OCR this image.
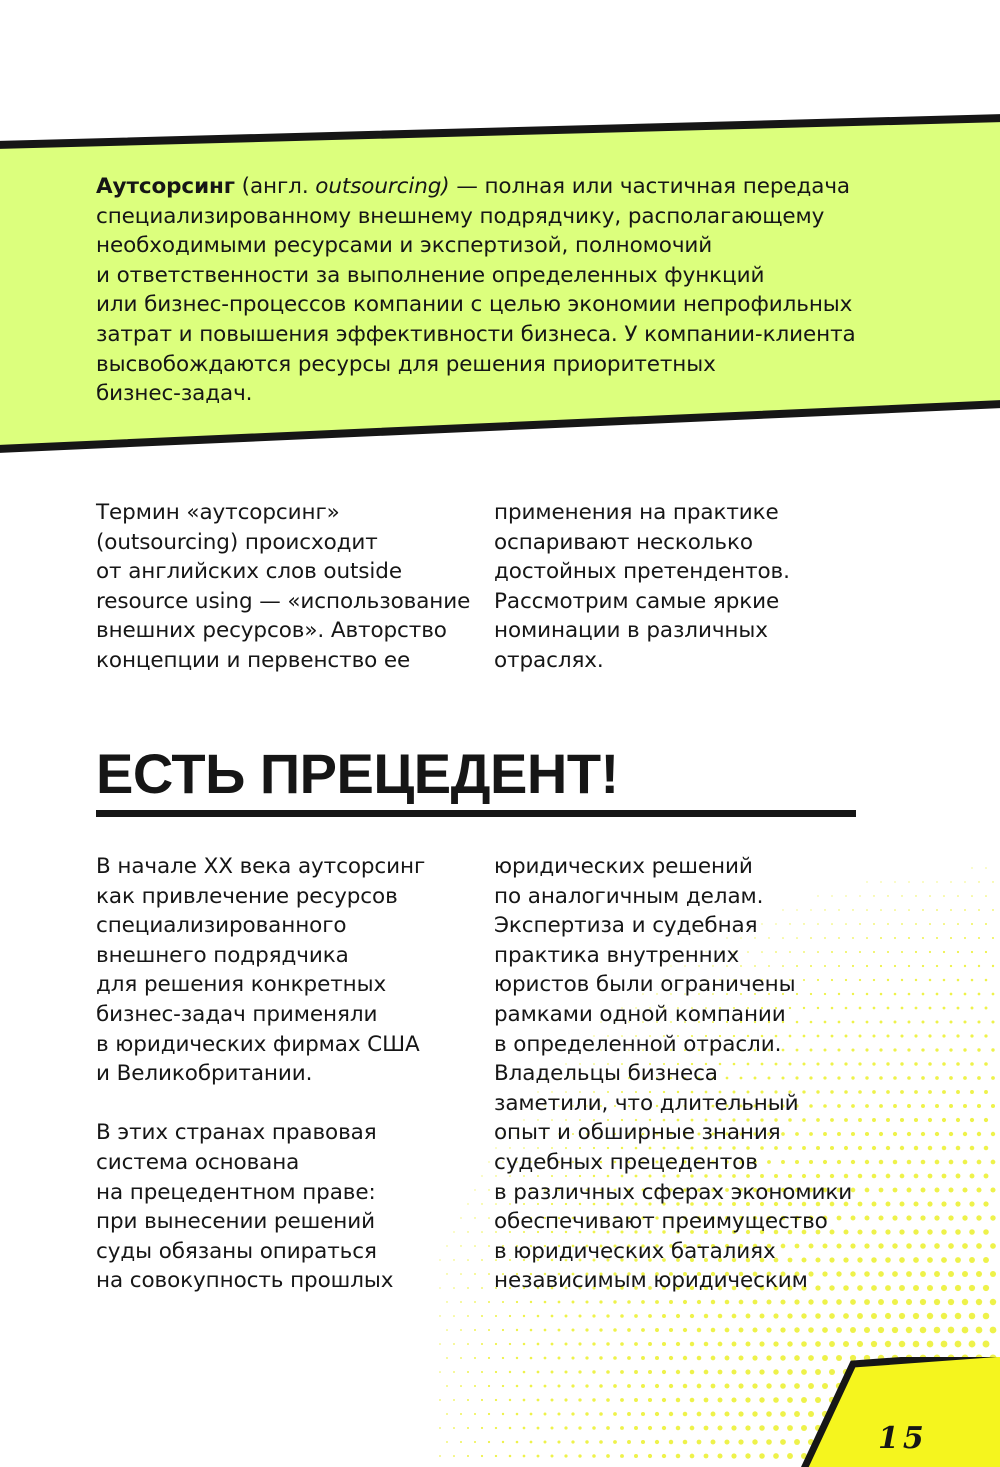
Аутсорсинг (англ. outsourcing) — полная или частичная передача

специализированному внешнему подрядчику, располагающему

необходимыми ресурсами и экспертизой, полномочий

и ответственности за выполнение определенных функций

или бизнес-процессов компании с целью экономии непрофильных

затрат и повышения эффективности бизнеса. У компании-клиента

высвобождаются ресурсы для решения приоритетных

бизнес-задач.

Термин «аутсорсинг»
(outsourcing) происходит
от английских слов outside
resource using — «использование
внешних ресурсов». Авторство
концепции и первенство ее

применения на практике
оспаривают несколько
достойных претендентов.
Рассмотрим самые яркие
номинации в различных
отраслях.

ЕСТЬ ПРЕЦЕДЕНТ!

В начале XX века аутсорсинг
как привлечение ресурсов
специализированного
внешнего подрядчика
для решения конкретных
бизнес-задач применяли
в юридических фирмах США
и Великобритании.

В этих странах правовая
система основана
на прецедентном праве:
при вынесении решений
суды обязаны опираться
на совокупность прошлых

юридических решений
по аналогичным делам.
Экспертиза и судебная
практика внутренних
юристов были ограничены
рамками одной компании
в определенной отрасли.
Владельцы бизнеса
заметили, что длительный
опыт и обширные знания
судебных прецедентов
в различных сферах экономики
обеспечивают преимущество
в юридических баталиях
независимым юридическим

15
